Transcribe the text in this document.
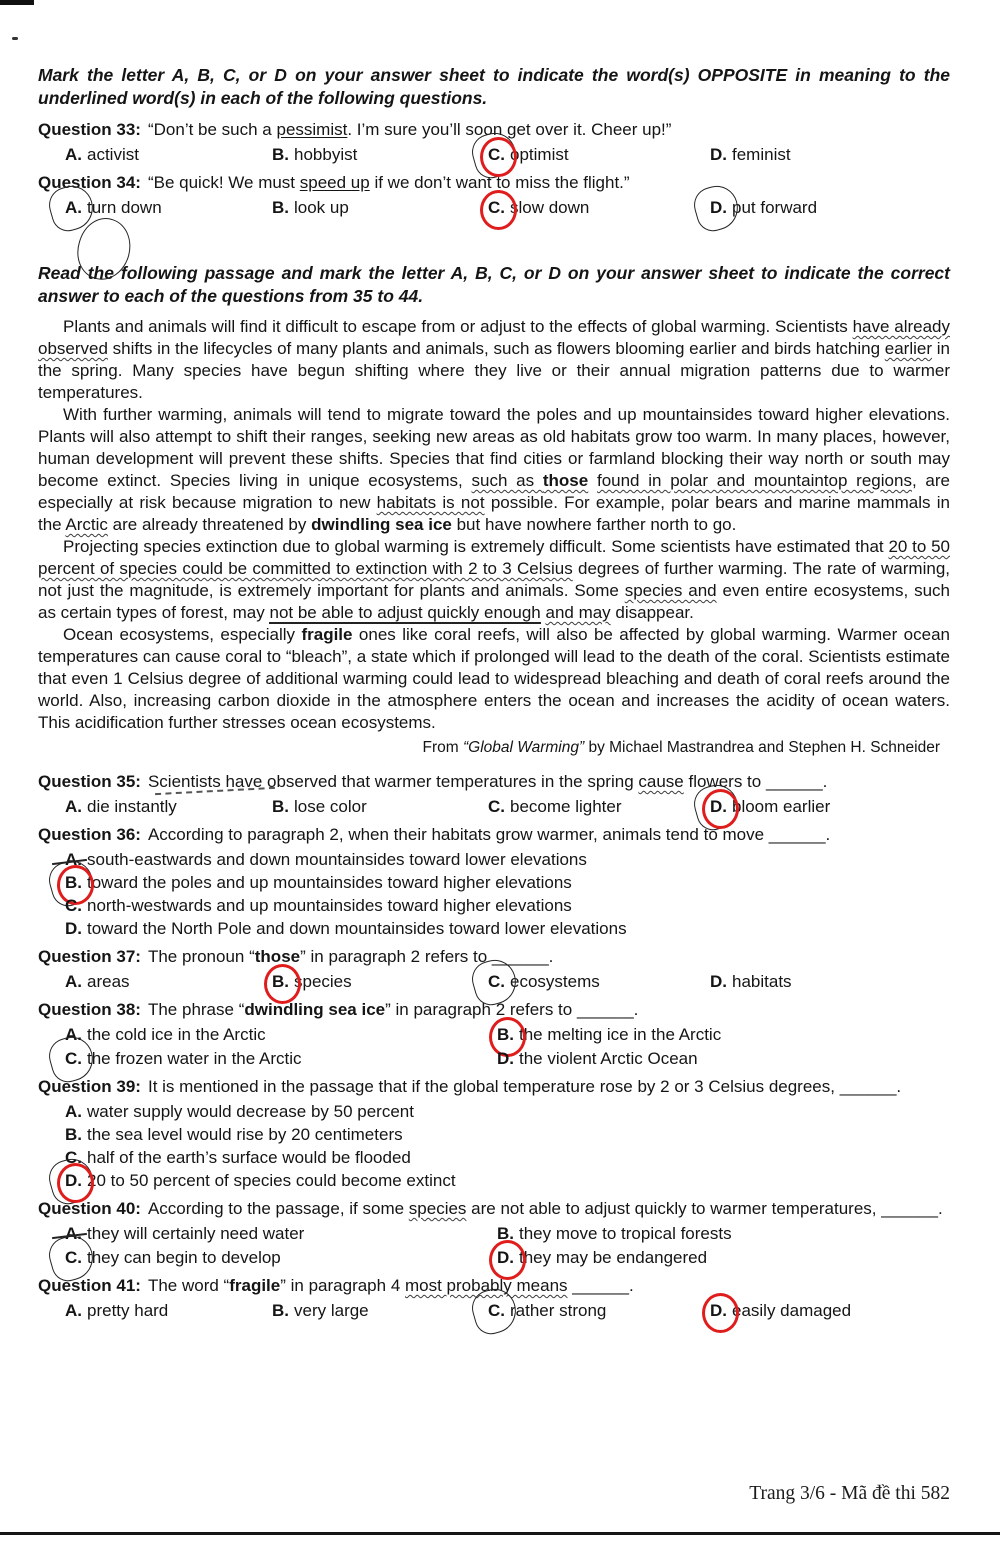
Mark the letter A, B, C, or D on your answer sheet to indicate the word(s) OPPOSITE in meaning to the underlined word(s) in each of the following questions.
Question 33: “Don’t be such a pessimist. I’m sure you’ll soon get over it. Cheer up!”
A. activist	B. hobbyist	C. optimist	D. feminist
Question 34: “Be quick! We must speed up if we don’t want to miss the flight.”
A. turn down	B. look up	C. slow down	D. put forward
Read the following passage and mark the letter A, B, C, or D on your answer sheet to indicate the correct answer to each of the questions from 35 to 44.

Plants and animals will find it difficult to escape from or adjust to the effects of global warming. Scientists have already observed shifts in the lifecycles of many plants and animals, such as flowers blooming earlier and birds hatching earlier in the spring. Many species have begun shifting where they live or their annual migration patterns due to warmer temperatures.

With further warming, animals will tend to migrate toward the poles and up mountainsides toward higher elevations. Plants will also attempt to shift their ranges, seeking new areas as old habitats grow too warm. In many places, however, human development will prevent these shifts. Species that find cities or farmland blocking their way north or south may become extinct. Species living in unique ecosystems, such as those found in polar and mountaintop regions, are especially at risk because migration to new habitats is not possible. For example, polar bears and marine mammals in the Arctic are already threatened by dwindling sea ice but have nowhere farther north to go.

Projecting species extinction due to global warming is extremely difficult. Some scientists have estimated that 20 to 50 percent of species could be committed to extinction with 2 to 3 Celsius degrees of further warming. The rate of warming, not just the magnitude, is extremely important for plants and animals. Some species and even entire ecosystems, such as certain types of forest, may not be able to adjust quickly enough and may disappear.

Ocean ecosystems, especially fragile ones like coral reefs, will also be affected by global warming. Warmer ocean temperatures can cause coral to “bleach”, a state which if prolonged will lead to the death of the coral. Scientists estimate that even 1 Celsius degree of additional warming could lead to widespread bleaching and death of coral reefs around the world. Also, increasing carbon dioxide in the atmosphere enters the ocean and increases the acidity of ocean waters. This acidification further stresses ocean ecosystems.

From “Global Warming” by Michael Mastrandrea and Stephen H. Schneider
Question 35: Scientists have observed that warmer temperatures in the spring cause flowers to ______.
A. die instantly	B. lose color	C. become lighter	D. bloom earlier
Question 36: According to paragraph 2, when their habitats grow warmer, animals tend to move ______.
A. south-eastwards and down mountainsides toward lower elevations
B. toward the poles and up mountainsides toward higher elevations
C. north-westwards and up mountainsides toward higher elevations
D. toward the North Pole and down mountainsides toward lower elevations
Question 37: The pronoun “those” in paragraph 2 refers to ______.
A. areas	B. species	C. ecosystems	D. habitats
Question 38: The phrase “dwindling sea ice” in paragraph 2 refers to ______.
A. the cold ice in the Arctic	B. the melting ice in the Arctic
C. the frozen water in the Arctic	D. the violent Arctic Ocean
Question 39: It is mentioned in the passage that if the global temperature rose by 2 or 3 Celsius degrees, ______.
A. water supply would decrease by 50 percent
B. the sea level would rise by 20 centimeters
C. half of the earth’s surface would be flooded
D. 20 to 50 percent of species could become extinct
Question 40: According to the passage, if some species are not able to adjust quickly to warmer temperatures, ______.
A. they will certainly need water	B. they move to tropical forests
C. they can begin to develop	D. they may be endangered
Question 41: The word “fragile” in paragraph 4 most probably means ______.
A. pretty hard	B. very large	C. rather strong	D. easily damaged
Trang 3/6 - Mã đề thi 582
